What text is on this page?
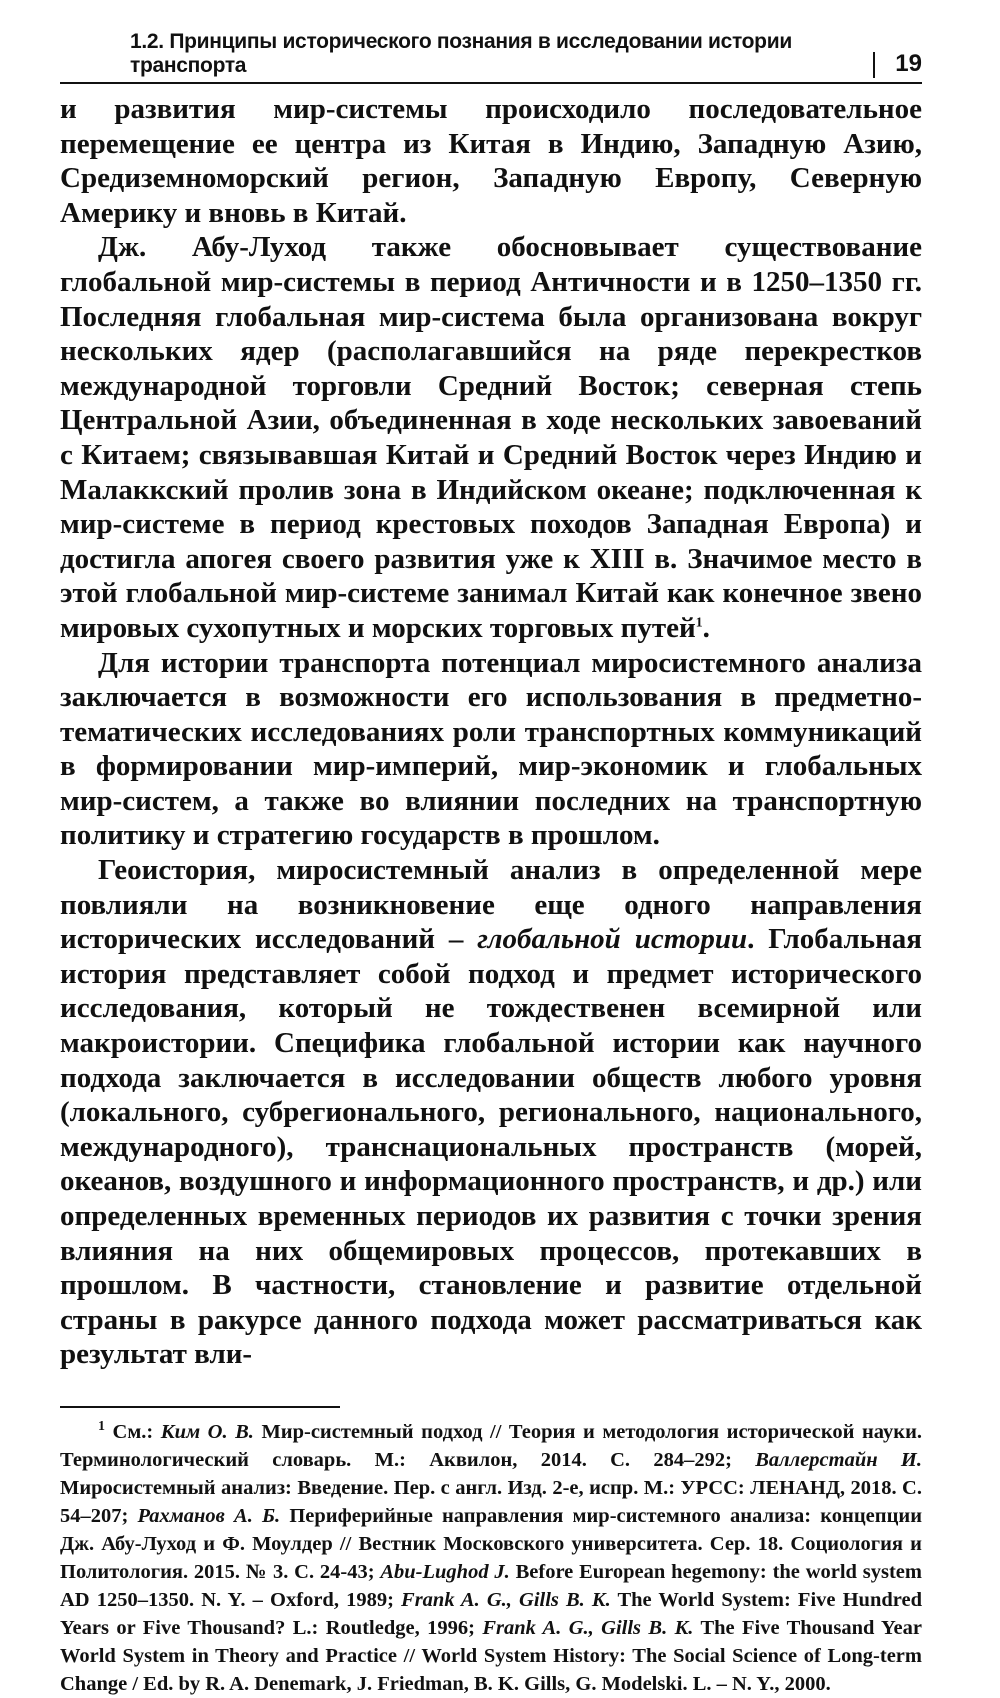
1.2. Принципы исторического познания в исследовании истории транспорта	19

и развития мир-системы происходило последовательное перемещение ее центра из Китая в Индию, Западную Азию, Средиземноморский регион, Западную Европу, Северную Америку и вновь в Китай.

Дж. Абу-Луход также обосновывает существование глобальной мир-системы в период Античности и в 1250–1350 гг. Последняя глобальная мир-система была организована вокруг нескольких ядер (располагавшийся на ряде перекрестков международной торговли Средний Восток; северная степь Центральной Азии, объединенная в ходе нескольких завоеваний с Китаем; связывавшая Китай и Средний Восток через Индию и Малаккский пролив зона в Индийском океане; подключенная к мир-системе в период крестовых походов Западная Европа) и достигла апогея своего развития уже к XIII в. Значимое место в этой глобальной мир-системе занимал Китай как конечное звено мировых сухопутных и морских торговых путей$^1$.

Для истории транспорта потенциал миросистемного анализа заключается в возможности его использования в предметно-тематических исследованиях роли транспортных коммуникаций в формировании мир-империй, мир-экономик и глобальных мир-систем, а также во влиянии последних на транспортную политику и стратегию государств в прошлом.

Геоистория, миросистемный анализ в определенной мере повлияли на возникновение еще одного направления исторических исследований – глобальной истории. Глобальная история представляет собой подход и предмет исторического исследования, который не тождественен всемирной или макроистории. Специфика глобальной истории как научного подхода заключается в исследовании обществ любого уровня (локального, субрегионального, регионального, национального, международного), транснациональных пространств (морей, океанов, воздушного и информационного пространств, и др.) или определенных временных периодов их развития с точки зрения влияния на них общемировых процессов, протекавших в прошлом. В частности, становление и развитие отдельной страны в ракурсе данного подхода может рассматриваться как результат вли-

$^1$ См.: Ким О. В. Мир-системный подход // Теория и методология исторической науки. Терминологический словарь. М.: Аквилон, 2014. С. 284–292; Валлерстайн И. Миросистемный анализ: Введение. Пер. с англ. Изд. 2-е, испр. М.: УРСС: ЛЕНАНД, 2018. С. 54–207; Рахманов А. Б. Периферийные направления мир-системного анализа: концепции Дж. Абу-Луход и Ф. Моулдер // Вестник Московского университета. Сер. 18. Социология и Политология. 2015. № 3. С. 24-43; Abu-Lughod J. Before European hegemony: the world system AD 1250–1350. N. Y. – Oxford, 1989; Frank A. G., Gills B. K. The World System: Five Hundred Years or Five Thousand? L.: Routledge, 1996; Frank A. G., Gills B. K. The Five Thousand Year World System in Theory and Practice // World System History: The Social Science of Long-term Change / Ed. by R. A. Denemark, J. Friedman, B. K. Gills, G. Modelski. L. – N. Y., 2000.
